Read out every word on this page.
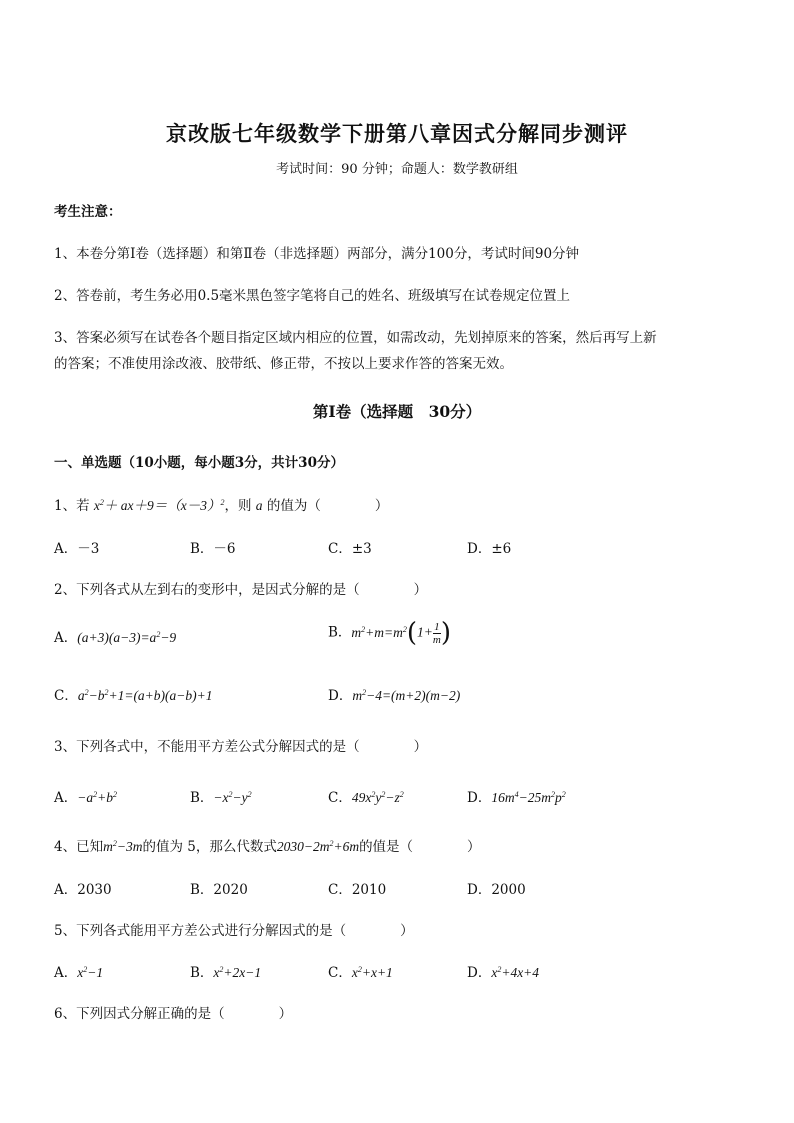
京改版七年级数学下册第八章因式分解同步测评
考试时间：90 分钟；命题人：数学教研组
考生注意：
1、本卷分第Ⅰ卷（选择题）和第Ⅱ卷（非选择题）两部分，满分100分，考试时间90分钟
2、答卷前，考生务必用0.5毫米黑色签字笔将自己的姓名、班级填写在试卷规定位置上
3、答案必须写在试卷各个题目指定区域内相应的位置，如需改动，先划掉原来的答案，然后再写上新
的答案；不准使用涂改液、胶带纸、修正带，不按以上要求作答的答案无效。
第Ⅰ卷（选择题　30分）
一、单选题（10小题，每小题3分，共计30分）
1、若 $x^2+ ax+9=(x-3)^2$，则 a 的值为（　　　　）
A．－3	B．－6	C．±3	D．±6
2、下列各式从左到右的变形中，是因式分解的是（　　　　）
A．$(a+3)(a-3)=a^2-9$	B．$m^2+m=m^2(1+ \frac{1}{m}$ )
C．$a^2-b^2+1=(a+b)(a-b)+1$	D．$m^2-4=(m+2)(m-2)$
3、下列各式中，不能用平方差公式分解因式的是（　　　　）
A．$-a^2+b^2$	B．$-x^2-y^2$	C．$49x^2y^2-z^2$	D．$16m^4-25m^2p^2$
4、已知$m^2-3m$的值为 5，那么代数式$2030-2m^2+6m$的值是（　　　　）
A．2030	B．2020	C．2010	D．2000
5、下列各式能用平方差公式进行分解因式的是（　　　　）
A．$x^2-1$	B．$x^2+2x-1$	C．$x^2+x+1$	D．$x^2+4x+4$
6、下列因式分解正确的是（　　　　）
